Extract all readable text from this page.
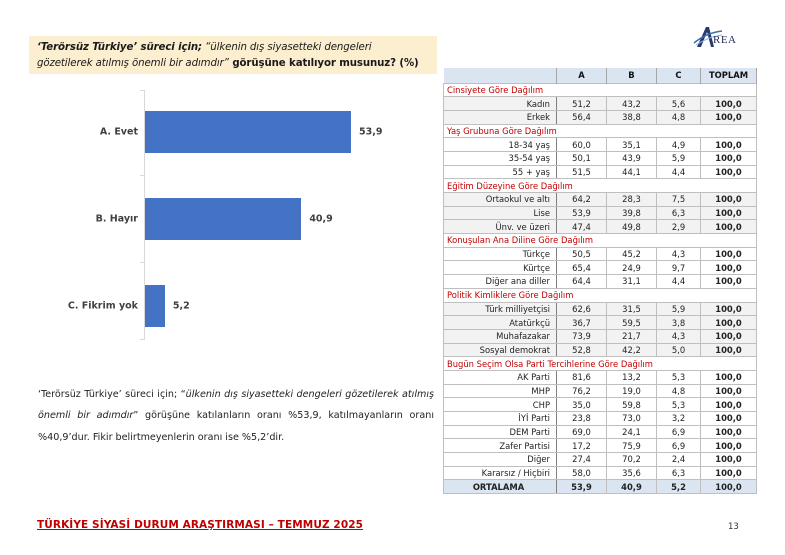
‘Terörsüz Türkiye’ süreci için; “ülkenin dış siyasetteki dengeleri gözetilerek atılmış önemli bir adımdır” görüşüne katılıyor musunuz? (%)
REA
A. Evet	53,9
B. Hayır	40,9
C. Fikrim yok	5,2
‘Terörsüz Türkiye’ süreci için; “ülkenin dış siyasetteki dengeleri gözetilerek atılmış önemli bir adımdır” görüşüne katılanların oranı %53,9, katılmayanların oranı %40,9’dur. Fikir belirtmeyenlerin oranı ise %5,2’dir.
	A	B	C	TOPLAM
Cinsiyete Göre Dağılım				
Kadın	51,2	43,2	5,6	100,0
Erkek	56,4	38,8	4,8	100,0
Yaş Grubuna Göre Dağılım				
18-34 yaş	60,0	35,1	4,9	100,0
35-54 yaş	50,1	43,9	5,9	100,0
55 + yaş	51,5	44,1	4,4	100,0
Eğitim Düzeyine Göre Dağılım				
Ortaokul ve altı	64,2	28,3	7,5	100,0
Lise	53,9	39,8	6,3	100,0
Ünv. ve üzeri	47,4	49,8	2,9	100,0
Konuşulan Ana Diline Göre Dağılım				
Türkçe	50,5	45,2	4,3	100,0
Kürtçe	65,4	24,9	9,7	100,0
Diğer ana diller	64,4	31,1	4,4	100,0
Politik Kimliklere Göre Dağılım				
Türk milliyetçisi	62,6	31,5	5,9	100,0
Atatürkçü	36,7	59,5	3,8	100,0
Muhafazakar	73,9	21,7	4,3	100,0
Sosyal demokrat	52,8	42,2	5,0	100,0
Bugün Seçim Olsa Parti Tercihlerine Göre Dağılım				
AK Parti	81,6	13,2	5,3	100,0
MHP	76,2	19,0	4,8	100,0
CHP	35,0	59,8	5,3	100,0
İYİ Parti	23,8	73,0	3,2	100,0
DEM Parti	69,0	24,1	6,9	100,0
Zafer Partisi	17,2	75,9	6,9	100,0
Diğer	27,4	70,2	2,4	100,0
Kararsız / Hiçbiri	58,0	35,6	6,3	100,0
ORTALAMA	53,9	40,9	5,2	100,0
TÜRKİYE SİYASİ DURUM ARAŞTIRMASI – TEMMUZ 2025	13
